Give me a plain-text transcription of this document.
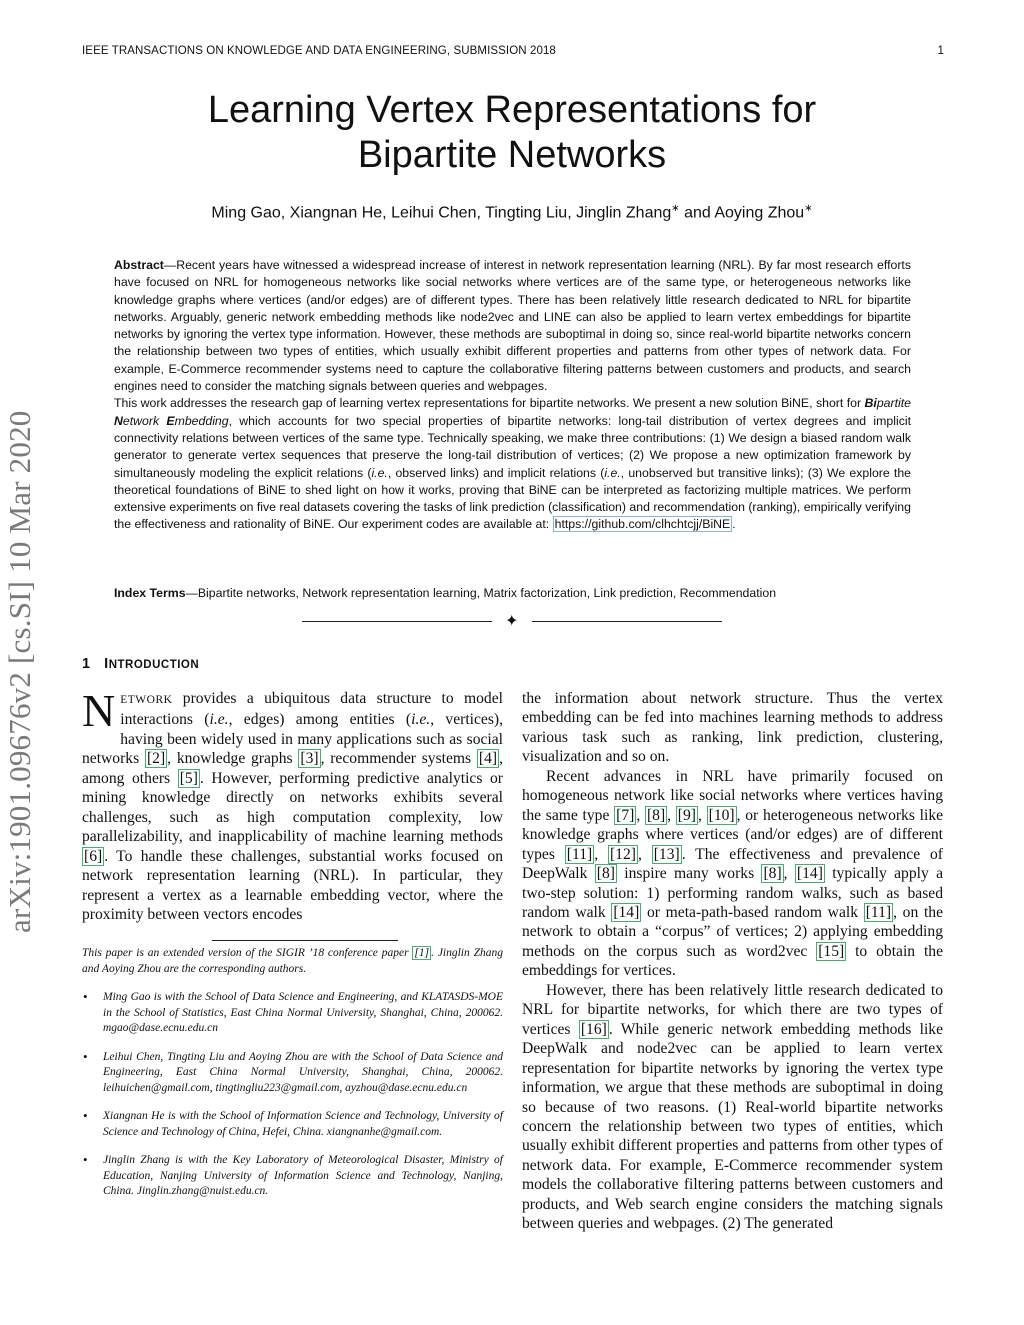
IEEE TRANSACTIONS ON KNOWLEDGE AND DATA ENGINEERING, SUBMISSION 2018	1
Learning Vertex Representations for
Bipartite Networks
Ming Gao, Xiangnan He, Leihui Chen, Tingting Liu, Jinglin Zhang∗ and Aoying Zhou∗

Abstract—Recent years have witnessed a widespread increase of interest in network representation learning (NRL). By far most research efforts have focused on NRL for homogeneous networks like social networks where vertices are of the same type, or heterogeneous networks like knowledge graphs where vertices (and/or edges) are of different types. There has been relatively little research dedicated to NRL for bipartite networks. Arguably, generic network embedding methods like node2vec and LINE can also be applied to learn vertex embeddings for bipartite networks by ignoring the vertex type information. However, these methods are suboptimal in doing so, since real-world bipartite networks concern the relationship between two types of entities, which usually exhibit different properties and patterns from other types of network data. For example, E-Commerce recommender systems need to capture the collaborative filtering patterns between customers and products, and search engines need to consider the matching signals between queries and webpages.

This work addresses the research gap of learning vertex representations for bipartite networks. We present a new solution BiNE, short for Bipartite Network Embedding, which accounts for two special properties of bipartite networks: long-tail distribution of vertex degrees and implicit connectivity relations between vertices of the same type. Technically speaking, we make three contributions: (1) We design a biased random walk generator to generate vertex sequences that preserve the long-tail distribution of vertices; (2) We propose a new optimization framework by simultaneously modeling the explicit relations (i.e., observed links) and implicit relations (i.e., unobserved but transitive links); (3) We explore the theoretical foundations of BiNE to shed light on how it works, proving that BiNE can be interpreted as factorizing multiple matrices. We perform extensive experiments on five real datasets covering the tasks of link prediction (classification) and recommendation (ranking), empirically verifying the effectiveness and rationality of BiNE. Our experiment codes are available at: https://github.com/clhchtcjj/BiNE .

Index Terms—Bipartite networks, Network representation learning, Matrix factorization, Link prediction, Recommendation
✦
arXiv:1901.09676v2 [cs.SI] 10 Mar 2020	1 INTRODUCTION

NETWORK provides a ubiquitous data structure to model interactions (i.e., edges) among entities (i.e., vertices), having been widely used in many applications such as social networks [2] , knowledge graphs [3] , recommender systems [4] , among others [5] . However, performing predictive analytics or mining knowledge directly on networks exhibits several challenges, such as high computation complexity, low parallelizability, and inapplicability of machine learning methods [6] . To handle these challenges, substantial works focused on network representation learning (NRL). In particular, they represent a vertex as a learnable embedding vector, where the proximity between vectors encodes

This paper is an extended version of the SIGIR ’18 conference paper [1] . Jinglin Zhang and Aoying Zhou are the corresponding authors.

• Ming Gao is with the School of Data Science and Engineering, and KLATASDS-MOE in the School of Statistics, East China Normal University, Shanghai, China, 200062. mgao@dase.ecnu.edu.cn
• Leihui Chen, Tingting Liu and Aoying Zhou are with the School of Data Science and Engineering, East China Normal University, Shanghai, China, 200062. leihuichen@gmail.com, tingtingliu223@gmail.com, ayzhou@dase.ecnu.edu.cn
• Xiangnan He is with the School of Information Science and Technology, University of Science and Technology of China, Hefei, China. xiangnanhe@gmail.com.
• Jinglin Zhang is with the Key Laboratory of Meteorological Disaster, Ministry of Education, Nanjing University of Information Science and Technology, Nanjing, China. Jinglin.zhang@nuist.edu.cn.

the information about network structure. Thus the vertex embedding can be fed into machines learning methods to address various task such as ranking, link prediction, clustering, visualization and so on.

Recent advances in NRL have primarily focused on homogeneous network like social networks where vertices having the same type [7] , [8] , [9] , [10] , or heterogeneous networks like knowledge graphs where vertices (and/or edges) are of different types [11] , [12] , [13] . The effectiveness and prevalence of DeepWalk [8] inspire many works [8] , [14] typically apply a two-step solution: 1) performing random walks, such as based random walk [14] or meta-path-based random walk [11] , on the network to obtain a “corpus” of vertices; 2) applying embedding methods on the corpus such as word2vec [15] to obtain the embeddings for vertices.

However, there has been relatively little research dedicated to NRL for bipartite networks, for which there are two types of vertices [16] . While generic network embedding methods like DeepWalk and node2vec can be applied to learn vertex representation for bipartite networks by ignoring the vertex type information, we argue that these methods are suboptimal in doing so because of two reasons. (1) Real-world bipartite networks concern the relationship between two types of entities, which usually exhibit different properties and patterns from other types of network data. For example, E-Commerce recommender system models the collaborative filtering patterns between customers and products, and Web search engine considers the matching signals between queries and webpages. (2) The generated
